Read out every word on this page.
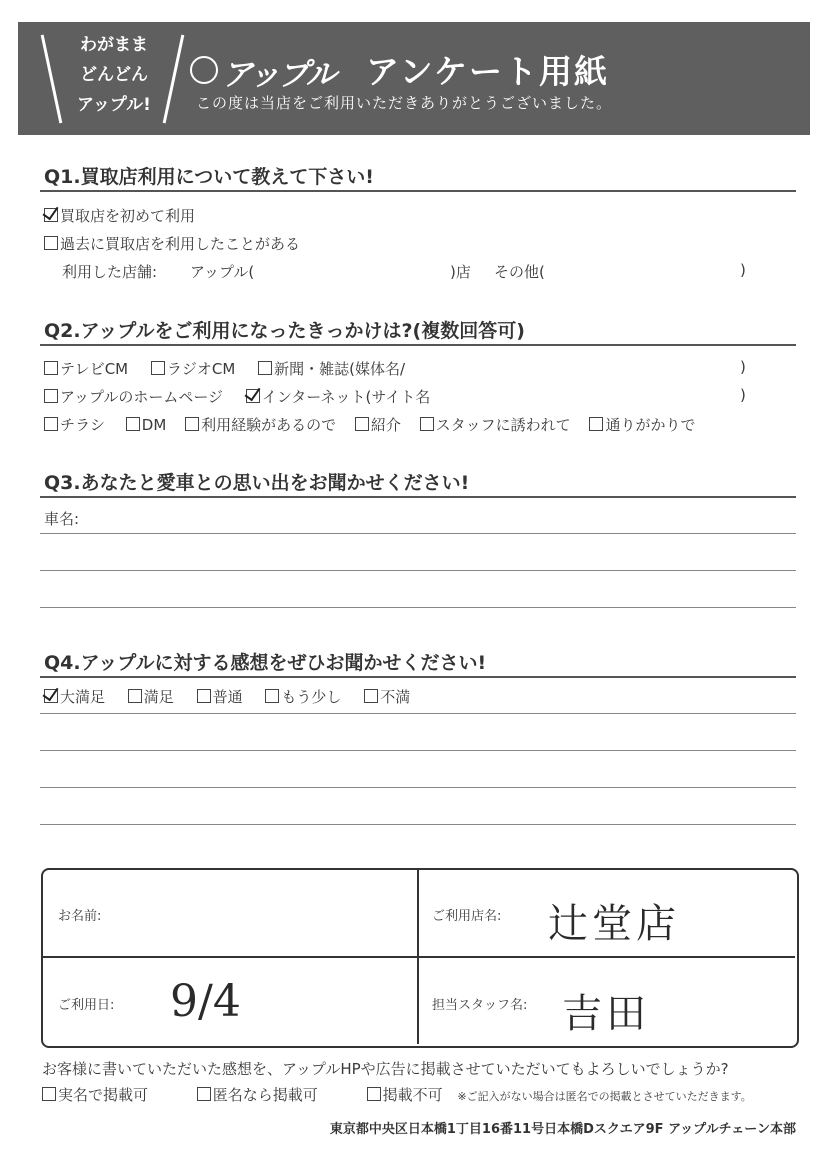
わがまま
どんどん
アップル!
アップル アンケート用紙
この度は当店をご利用いただきありがとうございました。
Q1.買取店利用について教えて下さい!
買取店を初めて利用
過去に買取店を利用したことがある
利用した店舗: アップル(	)店 その他(	)
Q2.アップルをご利用になったきっかけは?(複数回答可)
テレビCM	ラジオCM	新聞・雑誌(媒体名/	)
アップルのホームページ	インターネット(サイト名	)
チラシ DM 利用経験があるので 紹介 スタッフに誘われて 通りがかりで
Q3.あなたと愛車との思い出をお聞かせください!
車名:
Q4.アップルに対する感想をぜひお聞かせください!
大満足	満足	普通	もう少し	不満
お名前:	ご利用店名: 辻堂店
ご利用日: 9/4	担当スタッフ名: 吉田
お客様に書いていただいた感想を、アップルHPや広告に掲載させていただいてもよろしいでしょうか?
実名で掲載可	匿名なら掲載可	掲載不可 ※ご記入がない場合は匿名での掲載とさせていただきます。
東京都中央区日本橋1丁目16番11号日本橋Dスクエア9F アップルチェーン本部
